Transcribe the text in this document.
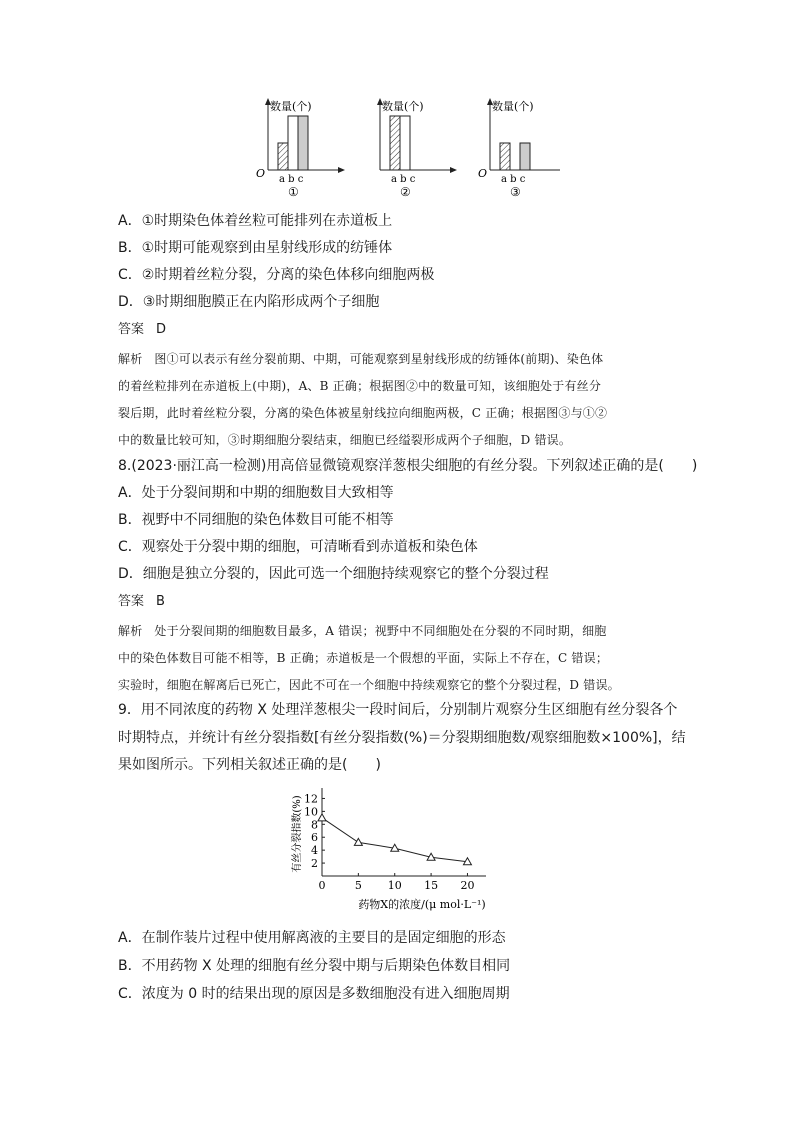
数量(个)
O a b c
①
数量(个)
a b c
②
数量(个)
O a b c
③
A．①时期染色体着丝粒可能排列在赤道板上
B．①时期可能观察到由星射线形成的纺锤体
C．②时期着丝粒分裂，分离的染色体移向细胞两极
D．③时期细胞膜正在内陷形成两个子细胞
答案 D
解析 图①可以表示有丝分裂前期、中期，可能观察到星射线形成的纺锤体(前期)、染色体
的着丝粒排列在赤道板上(中期)，A、B 正确；根据图②中的数量可知，该细胞处于有丝分
裂后期，此时着丝粒分裂，分离的染色体被星射线拉向细胞两极，C 正确；根据图③与①②
中的数量比较可知，③时期细胞分裂结束，细胞已经缢裂形成两个子细胞，D 错误。
8.(2023·丽江高一检测)用高倍显微镜观察洋葱根尖细胞的有丝分裂。下列叙述正确的是(　　)
A．处于分裂间期和中期的细胞数目大致相等
B．视野中不同细胞的染色体数目可能不相等
C．观察处于分裂中期的细胞，可清晰看到赤道板和染色体
D．细胞是独立分裂的，因此可选一个细胞持续观察它的整个分裂过程
答案 B
解析 处于分裂间期的细胞数目最多，A 错误；视野中不同细胞处在分裂的不同时期，细胞
中的染色体数目可能不相等，B 正确；赤道板是一个假想的平面，实际上不存在，C 错误；
实验时，细胞在解离后已死亡，因此不可在一个细胞中持续观察它的整个分裂过程，D 错误。
9．用不同浓度的药物 X 处理洋葱根尖一段时间后，分别制片观察分生区细胞有丝分裂各个
时期特点，并统计有丝分裂指数[有丝分裂指数(%)＝分裂期细胞数/观察细胞数×100%]，结
果如图所示。下列相关叙述正确的是(　　)
2
4
6
8
10
12
0	5 10 15 20
有丝分裂指数(%)
药物X的浓度/(μ mol·L⁻¹)
A．在制作装片过程中使用解离液的主要目的是固定细胞的形态
B．不用药物 X 处理的细胞有丝分裂中期与后期染色体数目相同
C．浓度为 0 时的结果出现的原因是多数细胞没有进入细胞周期
